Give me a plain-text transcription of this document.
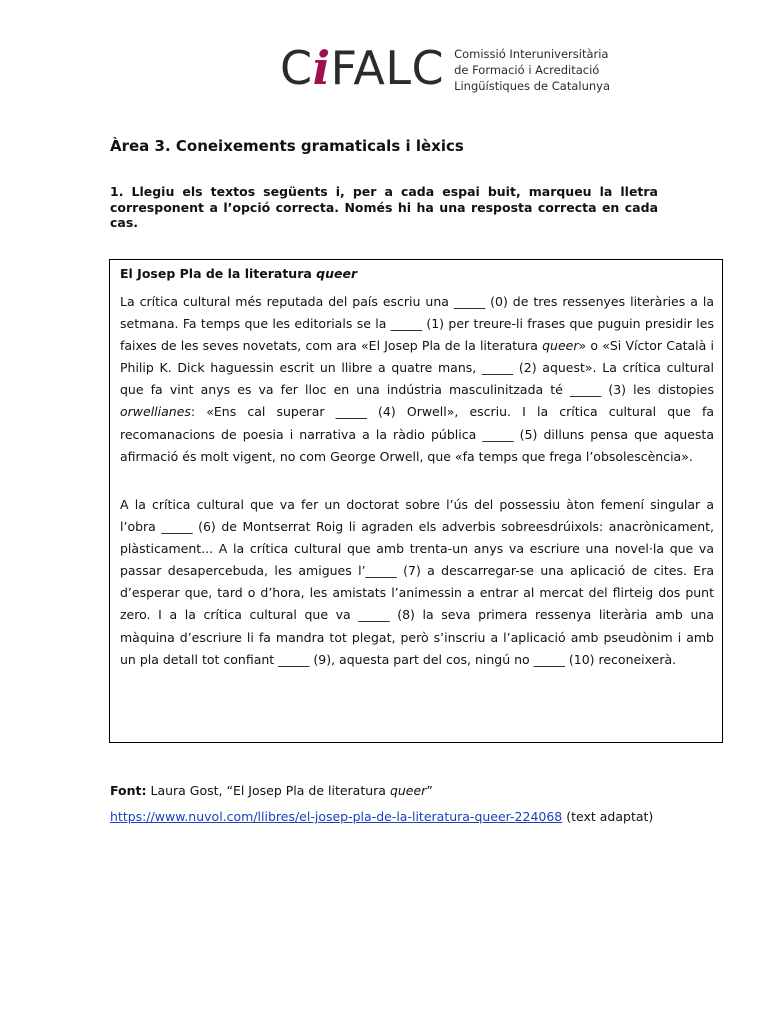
CiFALC Comissió Interuniversitària
de Formació i Acreditació
Lingüístiques de Catalunya
Àrea 3. Coneixements gramaticals i lèxics

1. Llegiu els textos següents i, per a cada espai buit, marqueu la lletra corresponent a l’opció correcta. Només hi ha una resposta correcta en cada cas.

El Josep Pla de la literatura queer

La crítica cultural més reputada del país escriu una _____ (0) de tres ressenyes literàries a la setmana. Fa temps que les editorials se la _____ (1) per treure-li frases que puguin presidir les faixes de les seves novetats, com ara «El Josep Pla de la literatura queer» o «Si Víctor Català i Philip K. Dick haguessin escrit un llibre a quatre mans, _____ (2) aquest». La crítica cultural que fa vint anys es va fer lloc en una indústria masculinitzada té _____ (3) les distopies orwellianes: «Ens cal superar _____ (4) Orwell», escriu. I la crítica cultural que fa recomanacions de poesia i narrativa a la ràdio pública _____ (5) dilluns pensa que aquesta afirmació és molt vigent, no com George Orwell, que «fa temps que frega l’obsolescència».

A la crítica cultural que va fer un doctorat sobre l’ús del possessiu àton femení singular a l’obra _____ (6) de Montserrat Roig li agraden els adverbis sobreesdrúixols: anacrònicament, plàsticament... A la crítica cultural que amb trenta-un anys va escriure una novel·la que va passar desapercebuda, les amigues l’_____ (7) a descarregar-se una aplicació de cites. Era d’esperar que, tard o d’hora, les amistats l’animessin a entrar al mercat del flirteig dos punt zero. I a la crítica cultural que va _____ (8) la seva primera ressenya literària amb una màquina d’escriure li fa mandra tot plegat, però s’inscriu a l’aplicació amb pseudònim i amb un pla detall tot confiant _____ (9), aquesta part del cos, ningú no _____ (10) reconeixerà.

Font: Laura Gost, “El Josep Pla de literatura queer”

https://www.nuvol.com/llibres/el-josep-pla-de-la-literatura-queer-224068 (text adaptat)
